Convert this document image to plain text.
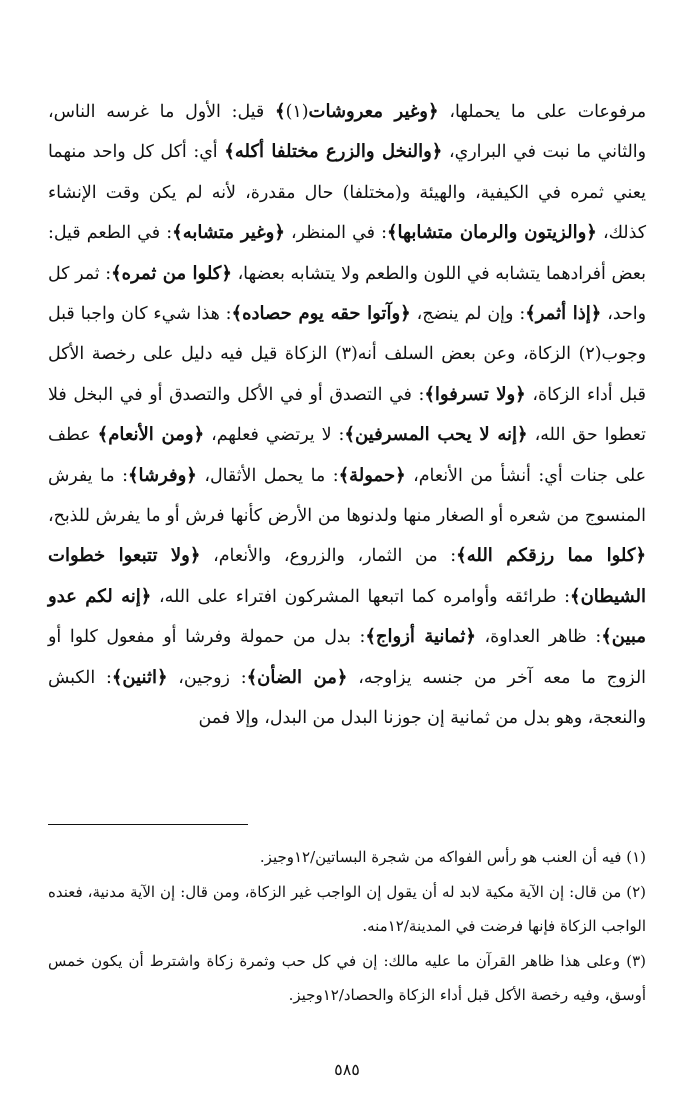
مرفوعات على ما يحملها، ﴿وغير معروشات(١)﴾ قيل: الأول ما غرسه الناس، والثاني ما نبت في البراري، ﴿والنخل والزرع مختلفا أكله﴾ أي: أكل كل واحد منهما يعني ثمره في الكيفية، والهيئة و(مختلفا) حال مقدرة، لأنه لم يكن وقت الإنشاء كذلك، ﴿والزيتون والرمان متشابها﴾: في المنظر، ﴿وغير متشابه﴾: في الطعم قيل: بعض أفرادهما يتشابه في اللون والطعم ولا يتشابه بعضها، ﴿كلوا من ثمره﴾: ثمر كل واحد، ﴿إذا أثمر﴾: وإن لم ينضج، ﴿وآتوا حقه يوم حصاده﴾: هذا شيء كان واجبا قبل وجوب(٢) الزكاة، وعن بعض السلف أنه(٣) الزكاة قيل فيه دليل على رخصة الأكل قبل أداء الزكاة، ﴿ولا تسرفوا﴾: في التصدق أو في الأكل والتصدق أو في البخل فلا تعطوا حق الله، ﴿إنه لا يحب المسرفين﴾: لا يرتضي فعلهم، ﴿ومن الأنعام﴾ عطف على جنات أي: أنشأ من الأنعام، ﴿حمولة﴾: ما يحمل الأثقال، ﴿وفرشا﴾: ما يفرش المنسوج من شعره أو الصغار منها ولدنوها من الأرض كأنها فرش أو ما يفرش للذبح، ﴿كلوا مما رزقكم الله﴾: من الثمار، والزروع، والأنعام، ﴿ولا تتبعوا خطوات الشيطان﴾: طرائقه وأوامره كما اتبعها المشركون افتراء على الله، ﴿إنه لكم عدو مبين﴾: ظاهر العداوة، ﴿ثمانية أزواج﴾: بدل من حمولة وفرشا أو مفعول كلوا أو الزوج ما معه آخر من جنسه يزاوجه، ﴿من الضأن﴾: زوجين، ﴿اثنين﴾: الكبش والنعجة، وهو بدل من ثمانية إن جوزنا البدل من البدل، وإلا فمن

(١) فيه أن العنب هو رأس الفواكه من شجرة البساتين/١٢وجيز.

(٢) من قال: إن الآية مكية لابد له أن يقول إن الواجب غير الزكاة، ومن قال: إن الآية مدنية، فعنده الواجب الزكاة فإنها فرضت في المدينة/١٢منه.

(٣) وعلى هذا ظاهر القرآن ما عليه مالك: إن في كل حب وثمرة زكاة واشترط أن يكون خمس أوسق، وفيه رخصة الأكل قبل أداء الزكاة والحصاد/١٢وجيز.

٥٨٥
